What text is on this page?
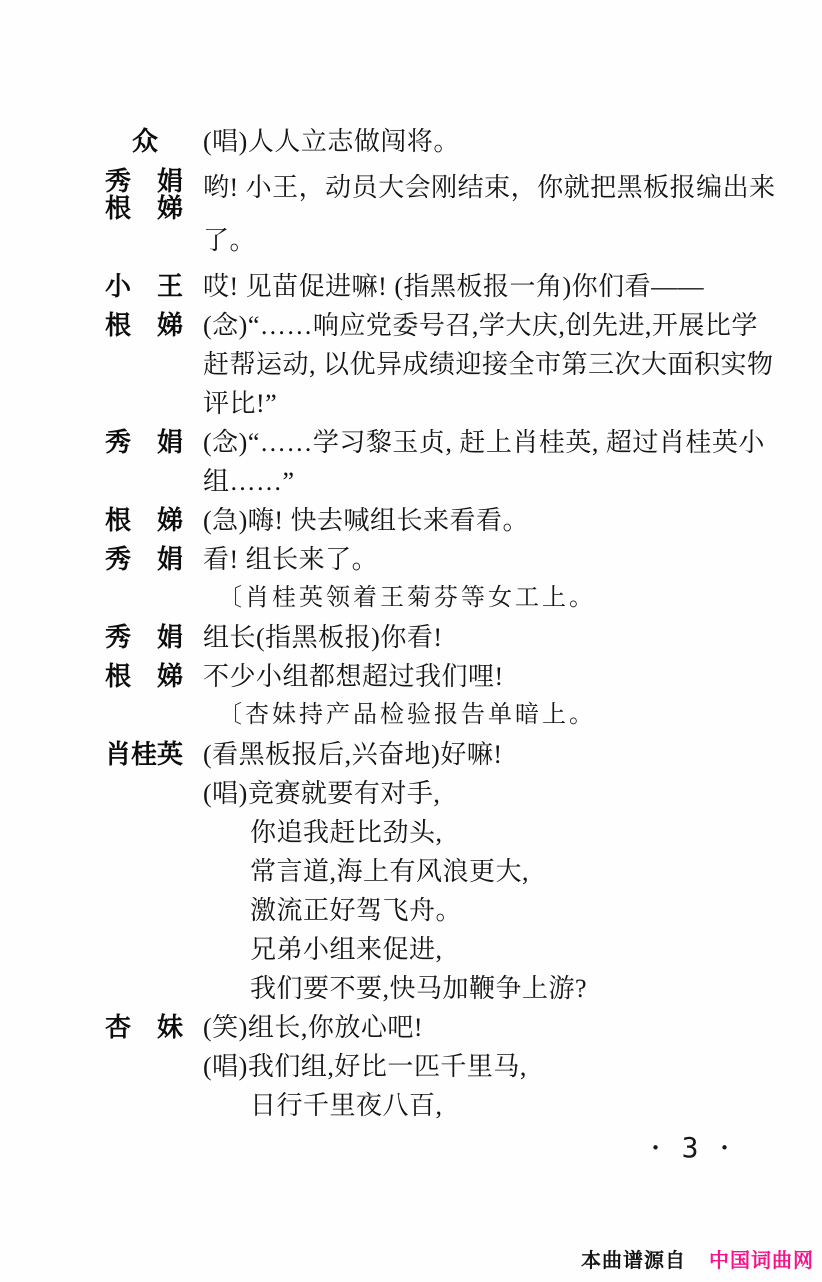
众	(唱)人人立志做闯将。
秀　娟
根　娣
哟! 小王，动员大会刚结束，你就把黑板报编出来
了。
小　王 哎! 见苗促进嘛! (指黑板报一角)你们看——
根　娣 (念)“……响应党委号召,学大庆,创先进,开展比学
赶帮运动, 以优异成绩迎接全市第三次大面积实物
评比!”
秀　娟 (念)“……学习黎玉贞, 赶上肖桂英, 超过肖桂英小
组……”
根　娣 (急)嗨! 快去喊组长来看看。
秀　娟 看! 组长来了。
〔肖桂英领着王菊芬等女工上。
秀　娟 组长(指黑板报)你看!
根　娣 不少小组都想超过我们哩!
〔杏妹持产品检验报告单暗上。
肖桂英 (看黑板报后,兴奋地)好嘛!
(唱)竞赛就要有对手,
你追我赶比劲头,
常言道,海上有风浪更大,
激流正好驾飞舟。
兄弟小组来促进,
我们要不要,快马加鞭争上游?
杏　妹 (笑)组长,你放心吧!
(唱)我们组,好比一匹千里马,
日行千里夜八百,
• 3 •
本曲谱源自 中国词曲网
